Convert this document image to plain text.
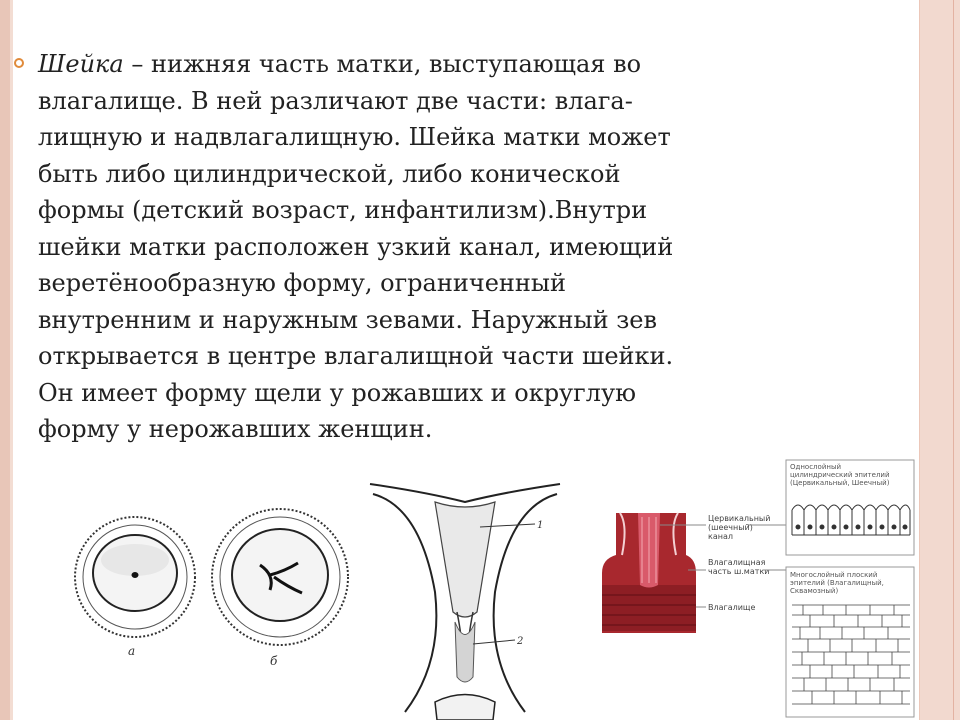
Шейка – нижняя часть матки, выступающая во
влагалище. В ней различают две части: влага-
лищную и надвлагалищную. Шейка матки может
быть либо цилиндрической, либо конической
формы (детский возраст, инфантилизм).Внутри
шейки матки расположен узкий канал, имеющий
веретёнообразную форму, ограниченный
внутренним и наружным зевами. Наружный зев
открывается в центре влагалищной части шейки.
Он имеет форму щели у рожавших и округлую
форму у нерожавших женщин.
а
б
1
2
Цервикальный
(шеечный)
канал
Влагалищная
часть ш.матки
Влагалище
Однослойный
цилиндрический эпителий
(Цервикальный, Шеечный)
Многослойный плоский
эпителий (Влагалищный,
Сквамозный)
